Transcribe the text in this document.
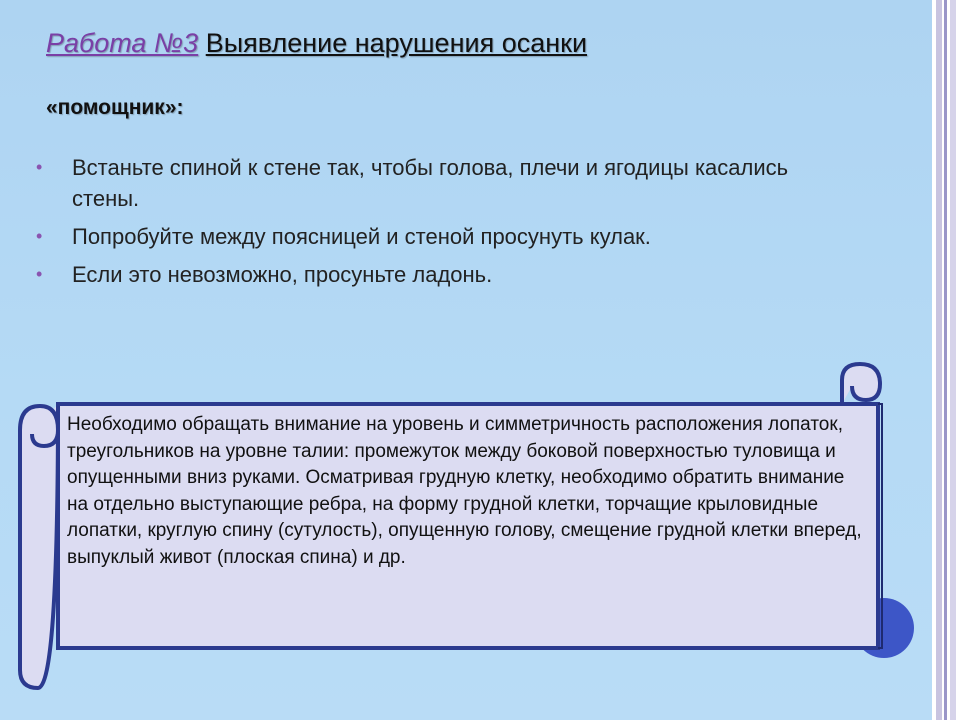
Работа №3 Выявление нарушения осанки
«помощник»:
• Встаньте спиной к стене так, чтобы голова, плечи и ягодицы касались стены.
• Попробуйте между поясницей и стеной просунуть кулак.
• Если это невозможно, просуньте ладонь.
Необходимо обращать внимание на уровень и симметричность расположения лопаток, треугольников на уровне талии: промежуток между боковой поверхностью туловища и опущенными вниз руками. Осматривая грудную клетку, необходимо обратить внимание на отдельно выступающие ребра, на форму грудной клетки, торчащие крыловидные лопатки, круглую спину (сутулость), опущенную голову, смещение грудной клетки вперед, выпуклый живот (плоская спина) и др.
